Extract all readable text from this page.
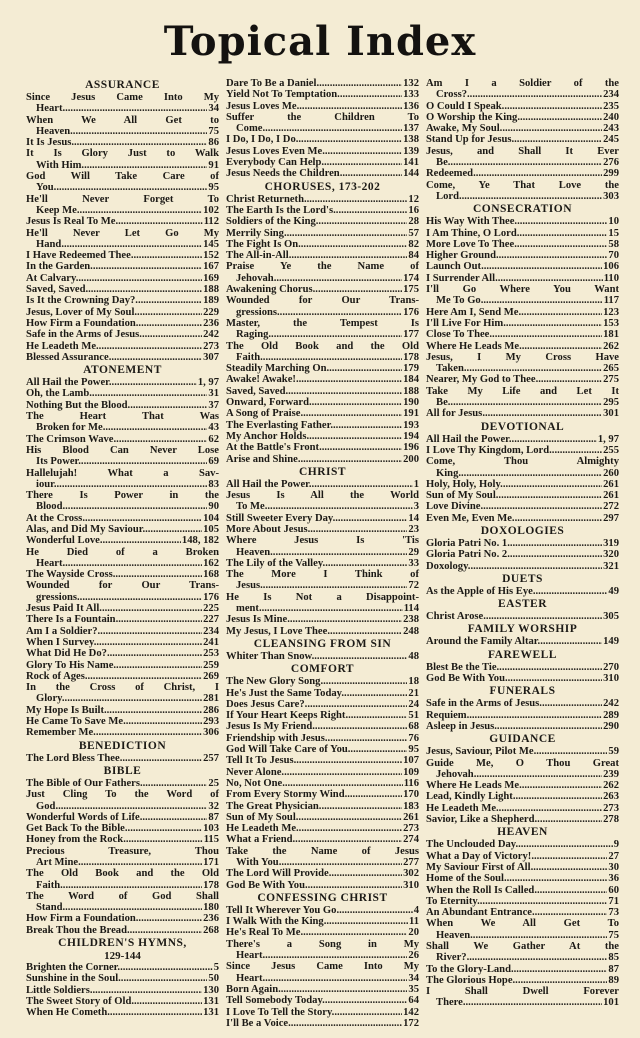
Topical Index
ASSURANCE
Since Jesus Came Into My
Heart .....	34
When We All Get to
Heaven .....	75
It Is Jesus .....	86
It Is Glory Just to Walk
With Him .....	91
God Will Take Care of
You .....	95
He'll Never Forget To
Keep Me .....	102
Jesus Is Real To Me .....	112
He'll Never Let Go My
Hand .....	145
I Have Redeemed Thee .....	152
In the Garden .....	167
At Calvary .....	169
Saved, Saved .....	188
Is It the Crowning Day? .....	189
Jesus, Lover of My Soul .....	229
How Firm a Foundation .....	236
Safe in the Arms of Jesus .....	242
He Leadeth Me .....	273
Blessed Assurance .....	307
ATONEMENT
All Hail the Power .....	1, 97
Oh, the Lamb .....	31
Nothing But the Blood .....	37
The Heart That Was
Broken for Me .....	43
The Crimson Wave .....	62
His Blood Can Never Lose
Its Power .....	69
Hallelujah! What a Sav-
iour .....	83
There Is Power in the
Blood .....	90
At the Cross .....	104
Alas, and Did My Saviour .....	105
Wonderful Love .....	148, 182
He Died of a Broken
Heart .....	162
The Wayside Cross .....	168
Wounded for Our Trans-
gressions .....	176
Jesus Paid It All .....	225
There Is a Fountain .....	227
Am I a Soldier? .....	234
When I Survey .....	241
What Did He Do? .....	253
Glory To His Name .....	259
Rock of Ages .....	269
In the Cross of Christ, I
Glory .....	281
My Hope Is Built .....	286
He Came To Save Me .....	293
Remember Me .....	306
BENEDICTION
The Lord Bless Thee .....	257
BIBLE
The Bible of Our Fathers .....	25
Just Cling To the Word of
God .....	32
Wonderful Words of Life .....	87
Get Back To the Bible .....	103
Honey from the Rock .....	115
Precious Treasure, Thou
Art Mine .....	171
The Old Book and the Old
Faith .....	178
The Word of God Shall
Stand .....	180
How Firm a Foundation .....	236
Break Thou the Bread .....	268
CHILDREN'S HYMNS,
129-144
Brighten the Corner .....	5
Sunshine in the Soul .....	50
Little Soldiers .....	130
The Sweet Story of Old .....	131
When He Cometh .....	131
Dare To Be a Daniel .....	132
Yield Not To Temptation .....	133
Jesus Loves Me .....	136
Suffer the Children To
Come .....	137
I Do, I Do, I Do .....	138
Jesus Loves Even Me .....	139
Everybody Can Help .....	141
Jesus Needs the Children .....	144
CHORUSES, 173-202
Christ Returneth .....	12
The Earth Is the Lord's .....	16
Soldiers of the King .....	28
Merrily Sing .....	57
The Fight Is On .....	82
The All-in-All .....	84
Praise Ye the Name of
Jehovah .....	174
Awakening Chorus .....	175
Wounded for Our Trans-
gressions .....	176
Master, the Tempest Is
Raging .....	177
The Old Book and the Old
Faith .....	178
Steadily Marching On .....	179
Awake! Awake! .....	184
Saved, Saved .....	188
Onward, Forward .....	190
A Song of Praise .....	191
The Everlasting Father .....	193
My Anchor Holds .....	194
At the Battle's Front .....	196
Arise and Shine .....	200
CHRIST
All Hail the Power .....	1
Jesus Is All the World
To Me .....	3
Still Sweeter Every Day .....	14
More About Jesus .....	23
Where Jesus Is 'Tis
Heaven .....	29
The Lily of the Valley .....	33
The More I Think of
Jesus .....	72
He Is Not a Disappoint-
ment .....	114
Jesus Is Mine .....	238
My Jesus, I Love Thee .....	248
CLEANSING FROM SIN
Whiter Than Snow .....	48
COMFORT
The New Glory Song .....	18
He's Just the Same Today .....	21
Does Jesus Care? .....	24
If Your Heart Keeps Right .....	51
Jesus Is My Friend .....	68
Friendship with Jesus .....	76
God Will Take Care of You .....	95
Tell It To Jesus .....	107
Never Alone .....	109
No, Not One .....	116
From Every Stormy Wind .....	170
The Great Physician .....	183
Sun of My Soul .....	261
He Leadeth Me .....	273
What a Friend .....	274
Take the Name of Jesus
With You .....	277
The Lord Will Provide .....	302
God Be With You .....	310
CONFESSING CHRIST
Tell It Wherever You Go .....	4
I Walk With the King .....	11
He's Real To Me .....	20
There's a Song in My
Heart .....	26
Since Jesus Came Into My
Heart .....	34
Born Again .....	35
Tell Somebody Today .....	64
I Love To Tell the Story .....	142
I'll Be a Voice .....	172
Am I a Soldier of the
Cross? .....	234
O Could I Speak .....	235
O Worship the King .....	240
Awake, My Soul .....	243
Stand Up for Jesus .....	245
Jesus, and Shall It Ever
Be .....	276
Redeemed .....	299
Come, Ye That Love the
Lord .....	303
CONSECRATION
His Way With Thee .....	10
I Am Thine, O Lord .....	15
More Love To Thee .....	58
Higher Ground .....	70
Launch Out .....	106
I Surrender All .....	110
I'll Go Where You Want
Me To Go .....	117
Here Am I, Send Me .....	123
I'll Live For Him .....	153
Close To Thee .....	181
Where He Leads Me .....	262
Jesus, I My Cross Have
Taken .....	265
Nearer, My God to Thee .....	275
Take My Life and Let It
Be .....	295
All for Jesus .....	301
DEVOTIONAL
All Hail the Power .....	1, 97
I Love Thy Kingdom, Lord .....	255
Come, Thou Almighty
King .....	260
Holy, Holy, Holy .....	261
Sun of My Soul .....	261
Love Divine .....	272
Even Me, Even Me .....	297
DOXOLOGIES
Gloria Patri No. 1 .....	319
Gloria Patri No. 2 .....	320
Doxology .....	321
DUETS
As the Apple of His Eye .....	49
EASTER
Christ Arose .....	305
FAMILY WORSHIP
Around the Family Altar .....	149
FAREWELL
Blest Be the Tie .....	270
God Be With You .....	310
FUNERALS
Safe in the Arms of Jesus .....	242
Requiem .....	289
Asleep in Jesus .....	290
GUIDANCE
Jesus, Saviour, Pilot Me .....	59
Guide Me, O Thou Great
Jehovah .....	239
Where He Leads Me .....	262
Lead, Kindly Light .....	263
He Leadeth Me .....	273
Savior, Like a Shepherd .....	278
HEAVEN
The Unclouded Day .....	9
What a Day of Victory! .....	27
My Saviour First of All .....	30
Home of the Soul .....	36
When the Roll Is Called .....	60
To Eternity .....	71
An Abundant Entrance .....	73
When We All Get To
Heaven .....	75
Shall We Gather At the
River? .....	85
To the Glory-Land .....	87
The Glorious Hope .....	89
I Shall Dwell Forever
There .....	101
